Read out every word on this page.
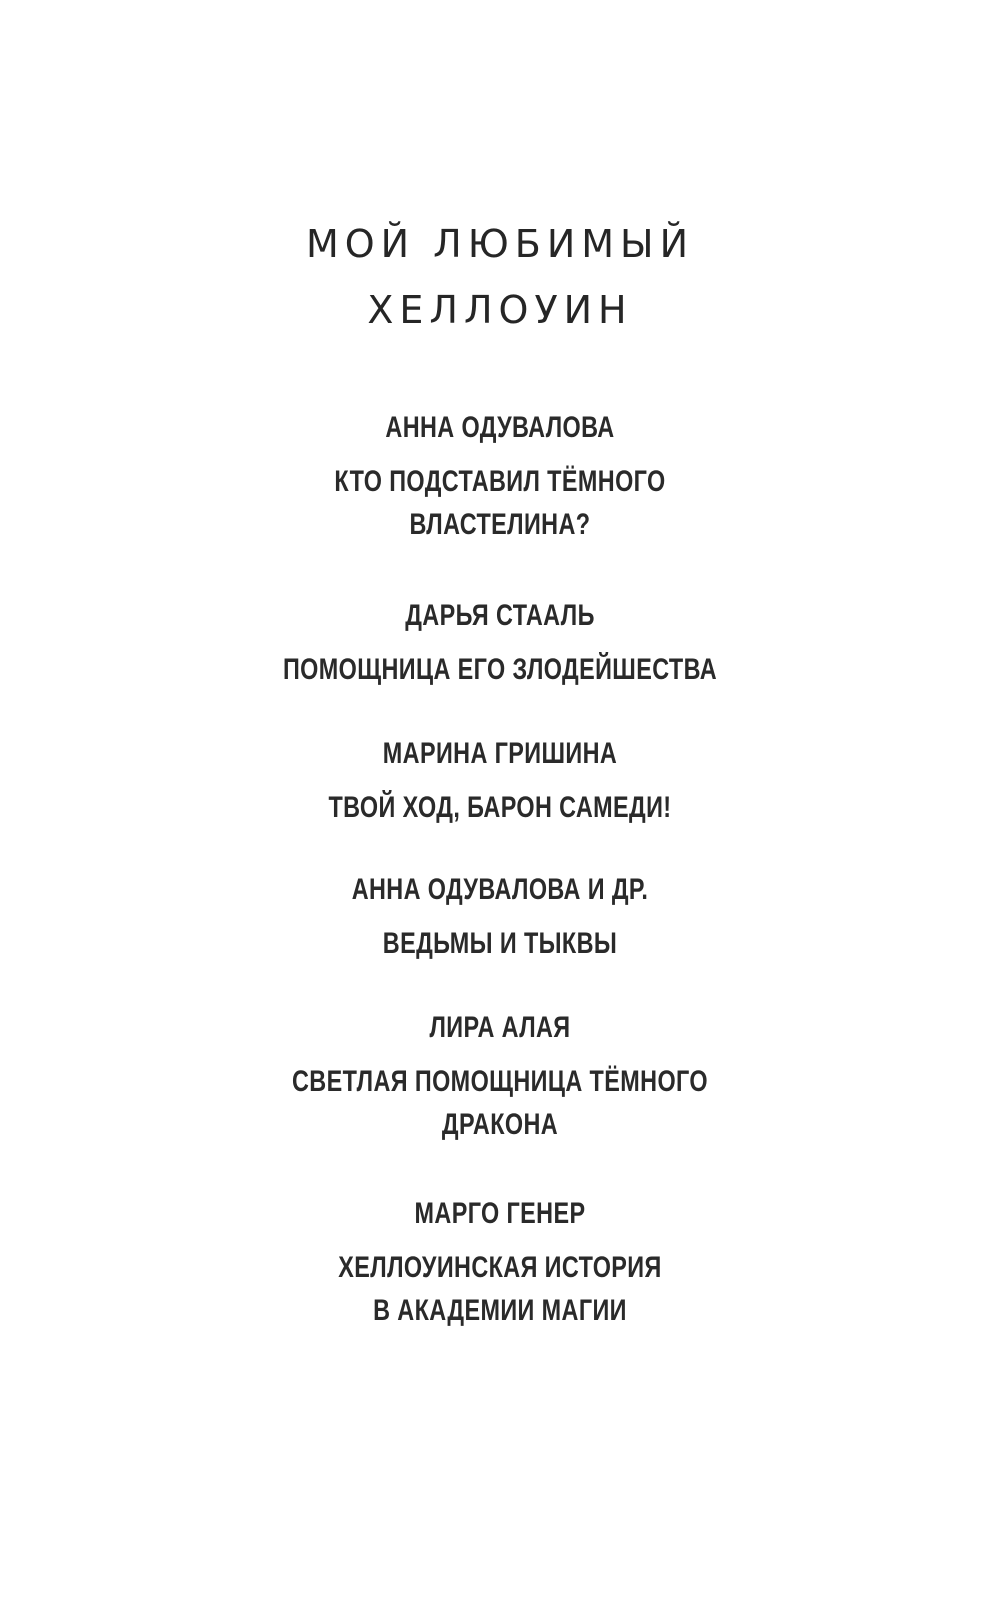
МОЙ ЛЮБИМЫЙ
ХЕЛЛОУИН
АННА ОДУВАЛОВА
КТО ПОДСТАВИЛ ТЁМНОГО
ВЛАСТЕЛИНА?
ДАРЬЯ СТААЛЬ
ПОМОЩНИЦА ЕГО ЗЛОДЕЙШЕСТВА
МАРИНА ГРИШИНА
ТВОЙ ХОД, БАРОН САМЕДИ!
АННА ОДУВАЛОВА И ДР.
ВЕДЬМЫ И ТЫКВЫ
ЛИРА АЛАЯ
СВЕТЛАЯ ПОМОЩНИЦА ТЁМНОГО
ДРАКОНА
МАРГО ГЕНЕР
ХЕЛЛОУИНСКАЯ ИСТОРИЯ
В АКАДЕМИИ МАГИИ
